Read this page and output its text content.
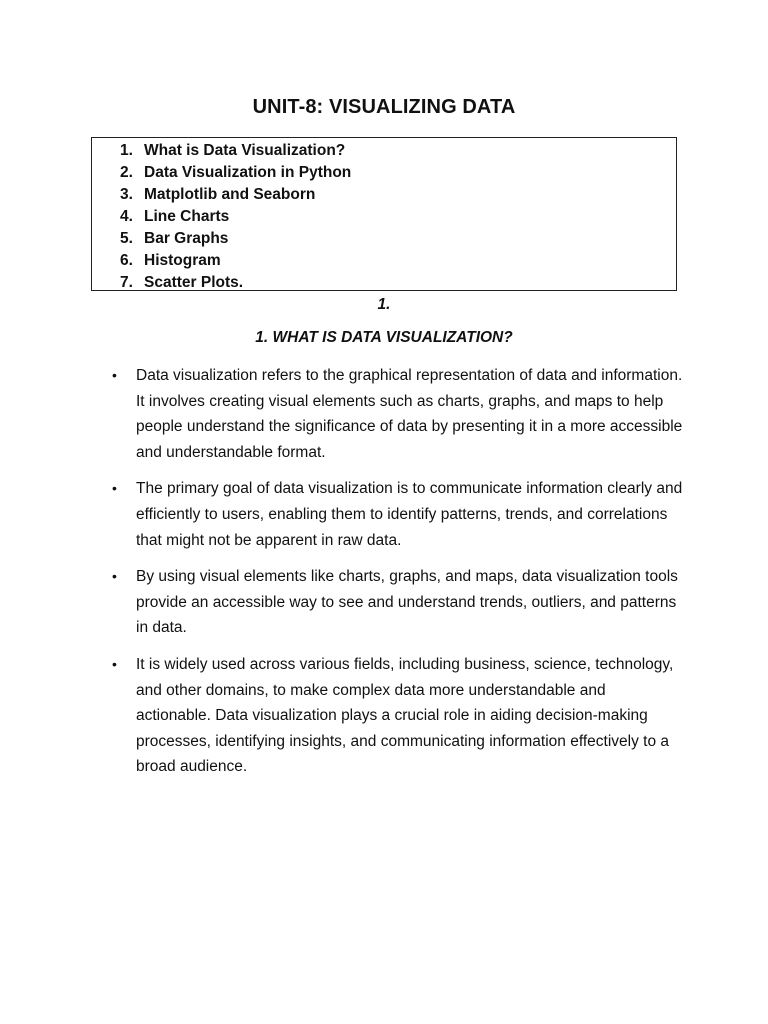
UNIT-8: VISUALIZING DATA
1. What is Data Visualization?
2. Data Visualization in Python
3. Matplotlib and Seaborn
4. Line Charts
5. Bar Graphs
6. Histogram
7. Scatter Plots.
1.
1. WHAT IS DATA VISUALIZATION?
•	Data visualization refers to the graphical representation of data and information. It involves creating visual elements such as charts, graphs, and maps to help people understand the significance of data by presenting it in a more accessible and understandable format.
•	The primary goal of data visualization is to communicate information clearly and efficiently to users, enabling them to identify patterns, trends, and correlations that might not be apparent in raw data.
•	By using visual elements like charts, graphs, and maps, data visualization tools provide an accessible way to see and understand trends, outliers, and patterns in data.
•	It is widely used across various fields, including business, science, technology, and other domains, to make complex data more understandable and actionable. Data visualization plays a crucial role in aiding decision-making processes, identifying insights, and communicating information effectively to a broad audience.
